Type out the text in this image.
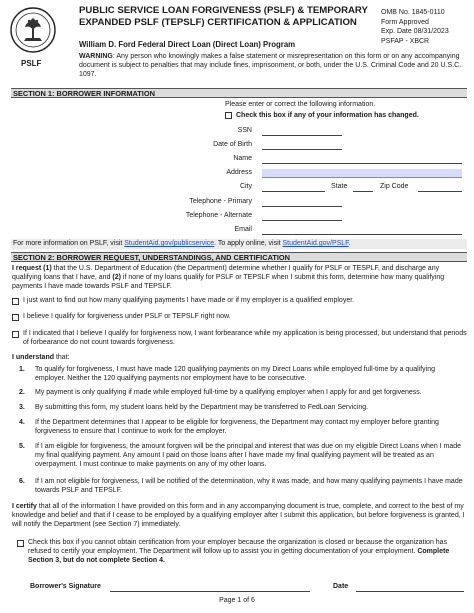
PSLF
PUBLIC SERVICE LOAN FORGIVENESS (PSLF) & TEMPORARY
EXPANDED PSLF (TEPSLF) CERTIFICATION & APPLICATION
William D. Ford Federal Direct Loan (Direct Loan) Program
OMB No. 1845-0110
Form Approved
Exp. Date 08/31/2023
PSFAP - XBCR
WARNING: Any person who knowingly makes a false statement or misrepresentation on this form or on any accompanying document is subject to penalties that may include fines, imprisonment, or both, under the U.S. Criminal Code and 20 U.S.C. 1097.
SECTION 1: BORROWER INFORMATION
Please enter or correct the following information.
Check this box if any of your information has changed.
SSN
Date of Birth
Name
Address
City	State	Zip Code
Telephone - Primary
Telephone - Alternate
Email
For more information on PSLF, visit StudentAid.gov/publicservice. To apply online, visit StudentAid.gov/PSLF.
SECTION 2: BORROWER REQUEST, UNDERSTANDINGS, AND CERTIFICATION
I request (1) that the U.S. Department of Education (the Department) determine whether I qualify for PSLF or TESPLF, and discharge any qualifying loans that I have, and (2) if none of my loans qualify for PSLF or TEPSLF when I submit this form, determine how many qualifying payments I have made towards PSLF and TEPSLF.
I just want to find out how many qualifying payments I have made or if my employer is a qualified employer.
I believe I qualify for forgiveness under PSLF or TEPSLF right now.
If I indicated that I believe I qualify for forgiveness now, I want forbearance while my application is being processed, but understand that periods of forbearance do not count towards forgiveness.
I understand that:
1.	To qualify for forgiveness, I must have made 120 qualifying payments on my Direct Loans while employed full-time by a qualifying employer. Neither the 120 qualifying payments nor employment have to be consecutive.
2.	My payment is only qualifying if made while employed full-time by a qualifying employer when I apply for and get forgiveness.
3.	By submitting this form, my student loans held by the Department may be transferred to FedLoan Servicing.
4.	If the Department determines that I appear to be eligible for forgiveness, the Department may contact my employer before granting forgiveness to ensure that I continue to work for the employer.
5.	If I am eligible for forgiveness, the amount forgiven will be the principal and interest that was due on my eligible Direct Loans when I made my final qualifying payment. Any amount I paid on those loans after I have made my final qualifying payment will be treated as an overpayment. I must continue to make payments on any of my other loans.
6.	If I am not eligible for forgiveness, I will be notified of the determination, why it was made, and how many qualifying payments I have made towards PSLF and TEPSLF.
I certify that all of the information I have provided on this form and in any accompanying document is true, complete, and correct to the best of my knowledge and belief and that if I cease to be employed by a qualifying employer after I submit this application, but before forgiveness is granted, I will notify the Department (see Section 7) immediately.
Check this box if you cannot obtain certification from your employer because the organization is closed or because the organization has refused to certify your employment. The Department will follow up to assist you in getting documentation of your employment. Complete Section 3, but do not complete Section 4.
Borrower's Signature	Date
Page 1 of 6
